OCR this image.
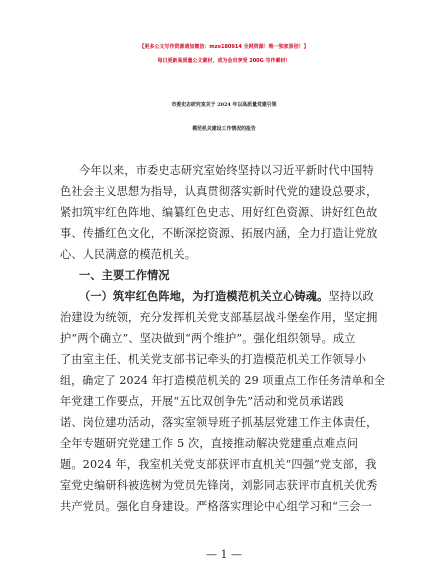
【更多公文写作资源请加微信：mzo180914 全网资源！唯一独家原创！】
每日更新高质量公文素材，成为会员享受 200G 写作素材！
市委史志研究室关于 2024 年以高质量党建引领
模范机关建设工作情况的报告
今年以来，市委史志研究室始终坚持以习近平新时代中国特
色社会主义思想为指导，认真贯彻落实新时代党的建设总要求，
紧扣筑牢红色阵地、编纂红色史志、用好红色资源、讲好红色故
事、传播红色文化，不断深挖资源、拓展内涵，全力打造让党放
心、人民满意的模范机关。
一、主要工作情况
（一）筑牢红色阵地，为打造模范机关立心铸魂。坚持以政
治建设为统领，充分发挥机关党支部基层战斗堡垒作用，坚定拥
护“两个确立”、坚决做到“两个维护”。强化组织领导。成立
了由室主任、机关党支部书记牵头的打造模范机关工作领导小
组，确定了 2024 年打造模范机关的 29 项重点工作任务清单和全
年党建工作要点，开展“五比双创争先”活动和党员承诺践
诺、岗位建功活动，落实室领导班子抓基层党建工作主体责任，
全年专题研究党建工作 5 次，直接推动解决党建重点难点问
题。2024 年，我室机关党支部获评市直机关“四强”党支部，我
室党史编研科被选树为党员先锋岗，刘影同志获评市直机关优秀
共产党员。强化自身建设。严格落实理论中心组学习和“三会一
— 1 —
